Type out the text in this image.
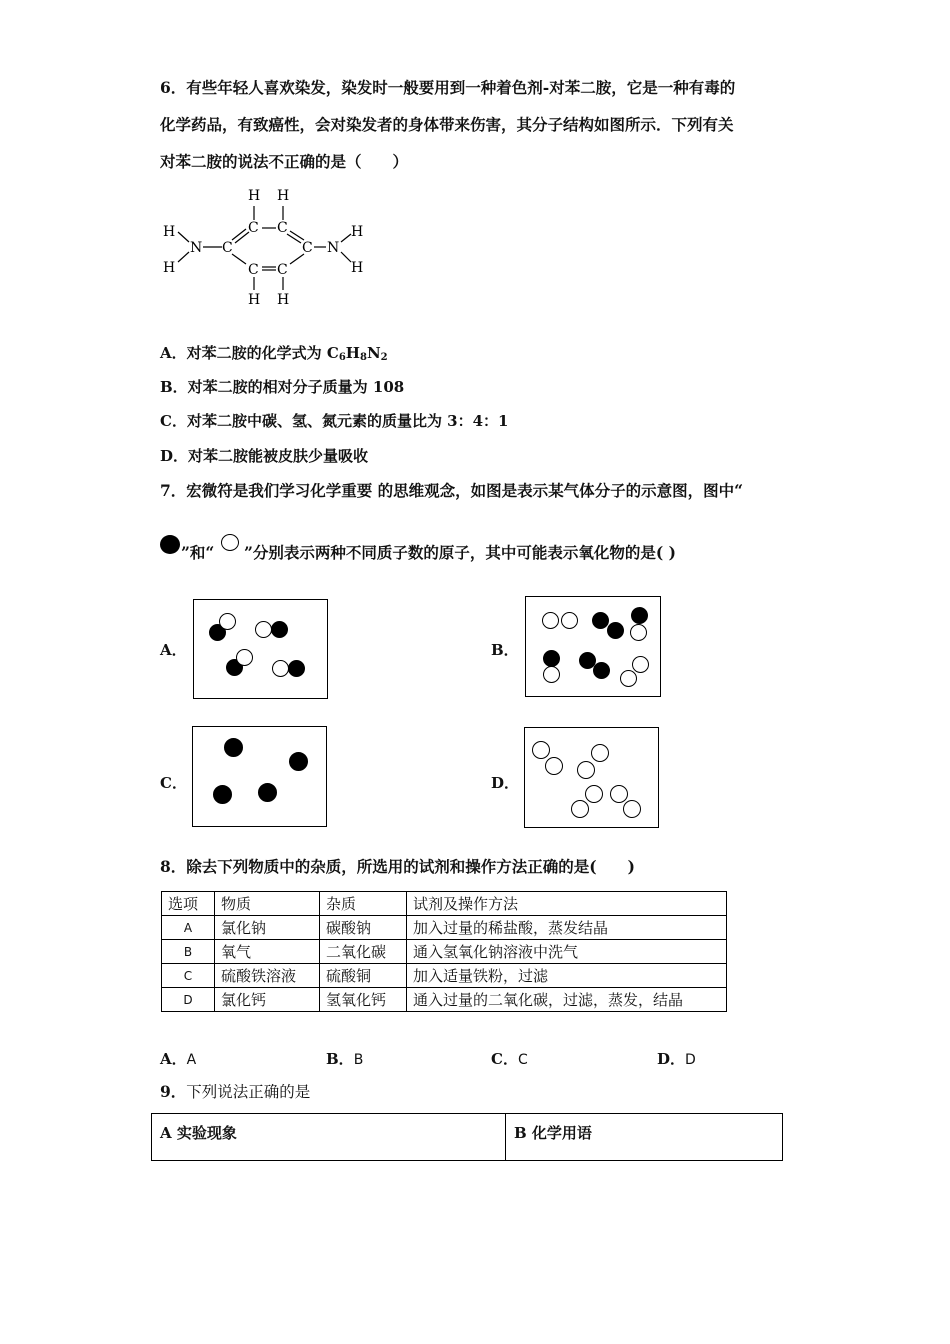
6．有些年轻人喜欢染发，染发时一般要用到一种着色剂-对苯二胺，它是一种有毒的
化学药品，有致癌性，会对染发者的身体带来伤害，其分子结构如图所示．下列有关
对苯二胺的说法不正确的是（　　）
H
H
N C
H H
C C
C C
H H
C N
H
H
A．对苯二胺的化学式为 $C_6H_8N_2$
B．对苯二胺的相对分子质量为 108
C．对苯二胺中碳、氢、氮元素的质量比为 3：4：1
D．对苯二胺能被皮肤少量吸收
7．宏微符是我们学习化学重要 的思维观念，如图是表示某气体分子的示意图，图中“
”和“ ”分别表示两种不同质子数的原子，其中可能表示氧化物的是( )
A．	B．
C．	D．
8．除去下列物质中的杂质，所选用的试剂和操作方法正确的是(　　)
选项	物质	杂质	试剂及操作方法
A	氯化钠	碳酸钠	加入过量的稀盐酸，蒸发结晶
B	氧气	二氧化碳	通入氢氧化钠溶液中洗气
C	硫酸铁溶液	硫酸铜	加入适量铁粉，过滤
D	氯化钙	氢氧化钙	通入过量的二氧化碳，过滤，蒸发，结晶
A．A	B．B	C．C	D．D
9．下列说法正确的是
A 实验现象	B 化学用语
